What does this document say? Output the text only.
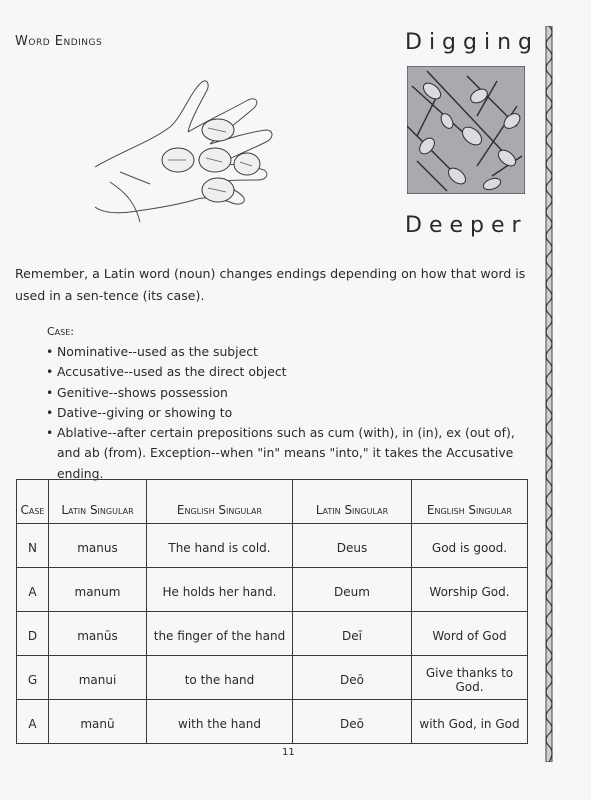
Word Endings	Digging
Deeper
Remember, a Latin word (noun) changes endings depending on how that word is used in a sen-tence (its case).
Case:
• Nominative--used as the subject
• Accusative--used as the direct object
• Genitive--shows possession
• Dative--giving or showing to
• Ablative--after certain prepositions such as cum (with), in (in), ex (out of), and ab (from). Exception--when "in" means "into," it takes the Accusative ending.
Case	Latin Singular	English Singular	Latin Singular	English Singular
N	manus	The hand is cold.	Deus	God is good.
A	manum	He holds her hand.	Deum	Worship God.
D	manūs	the finger of the hand	Deī	Word of God
G	manui	to the hand	Deō	Give thanks to God.
A	manū	with the hand	Deō	with God, in God
11
